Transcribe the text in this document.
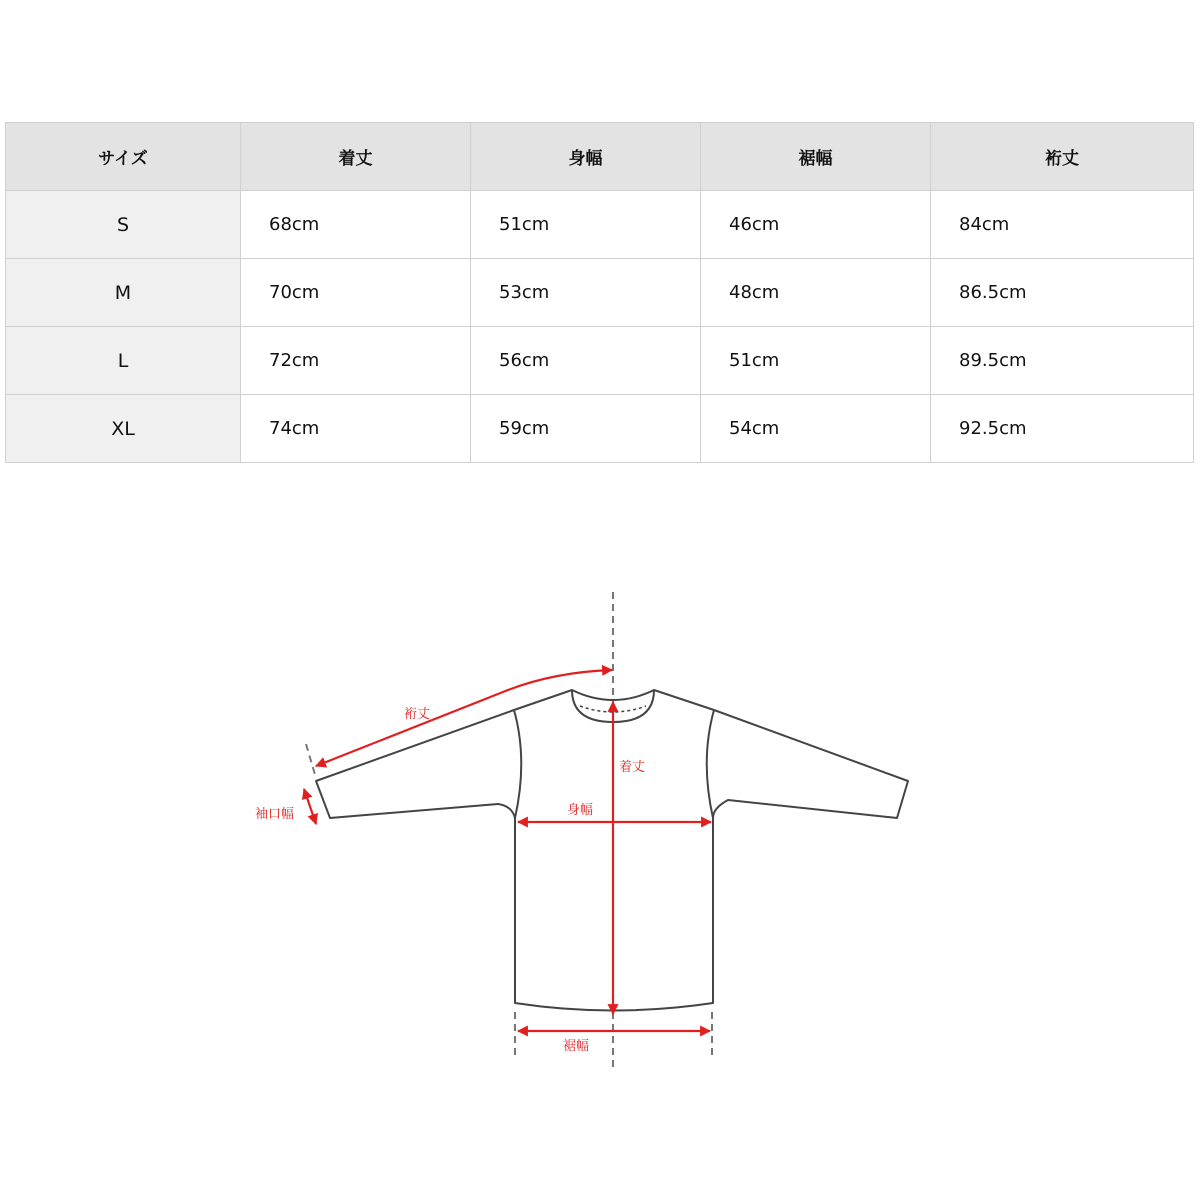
サイズ	着丈	身幅	裾幅	裄丈
S	68cm	51cm	46cm	84cm
M	70cm	53cm	48cm	86.5cm
L	72cm	56cm	51cm	89.5cm
XL	74cm	59cm	54cm	92.5cm
裄丈
袖口幅
着丈
身幅
裾幅
